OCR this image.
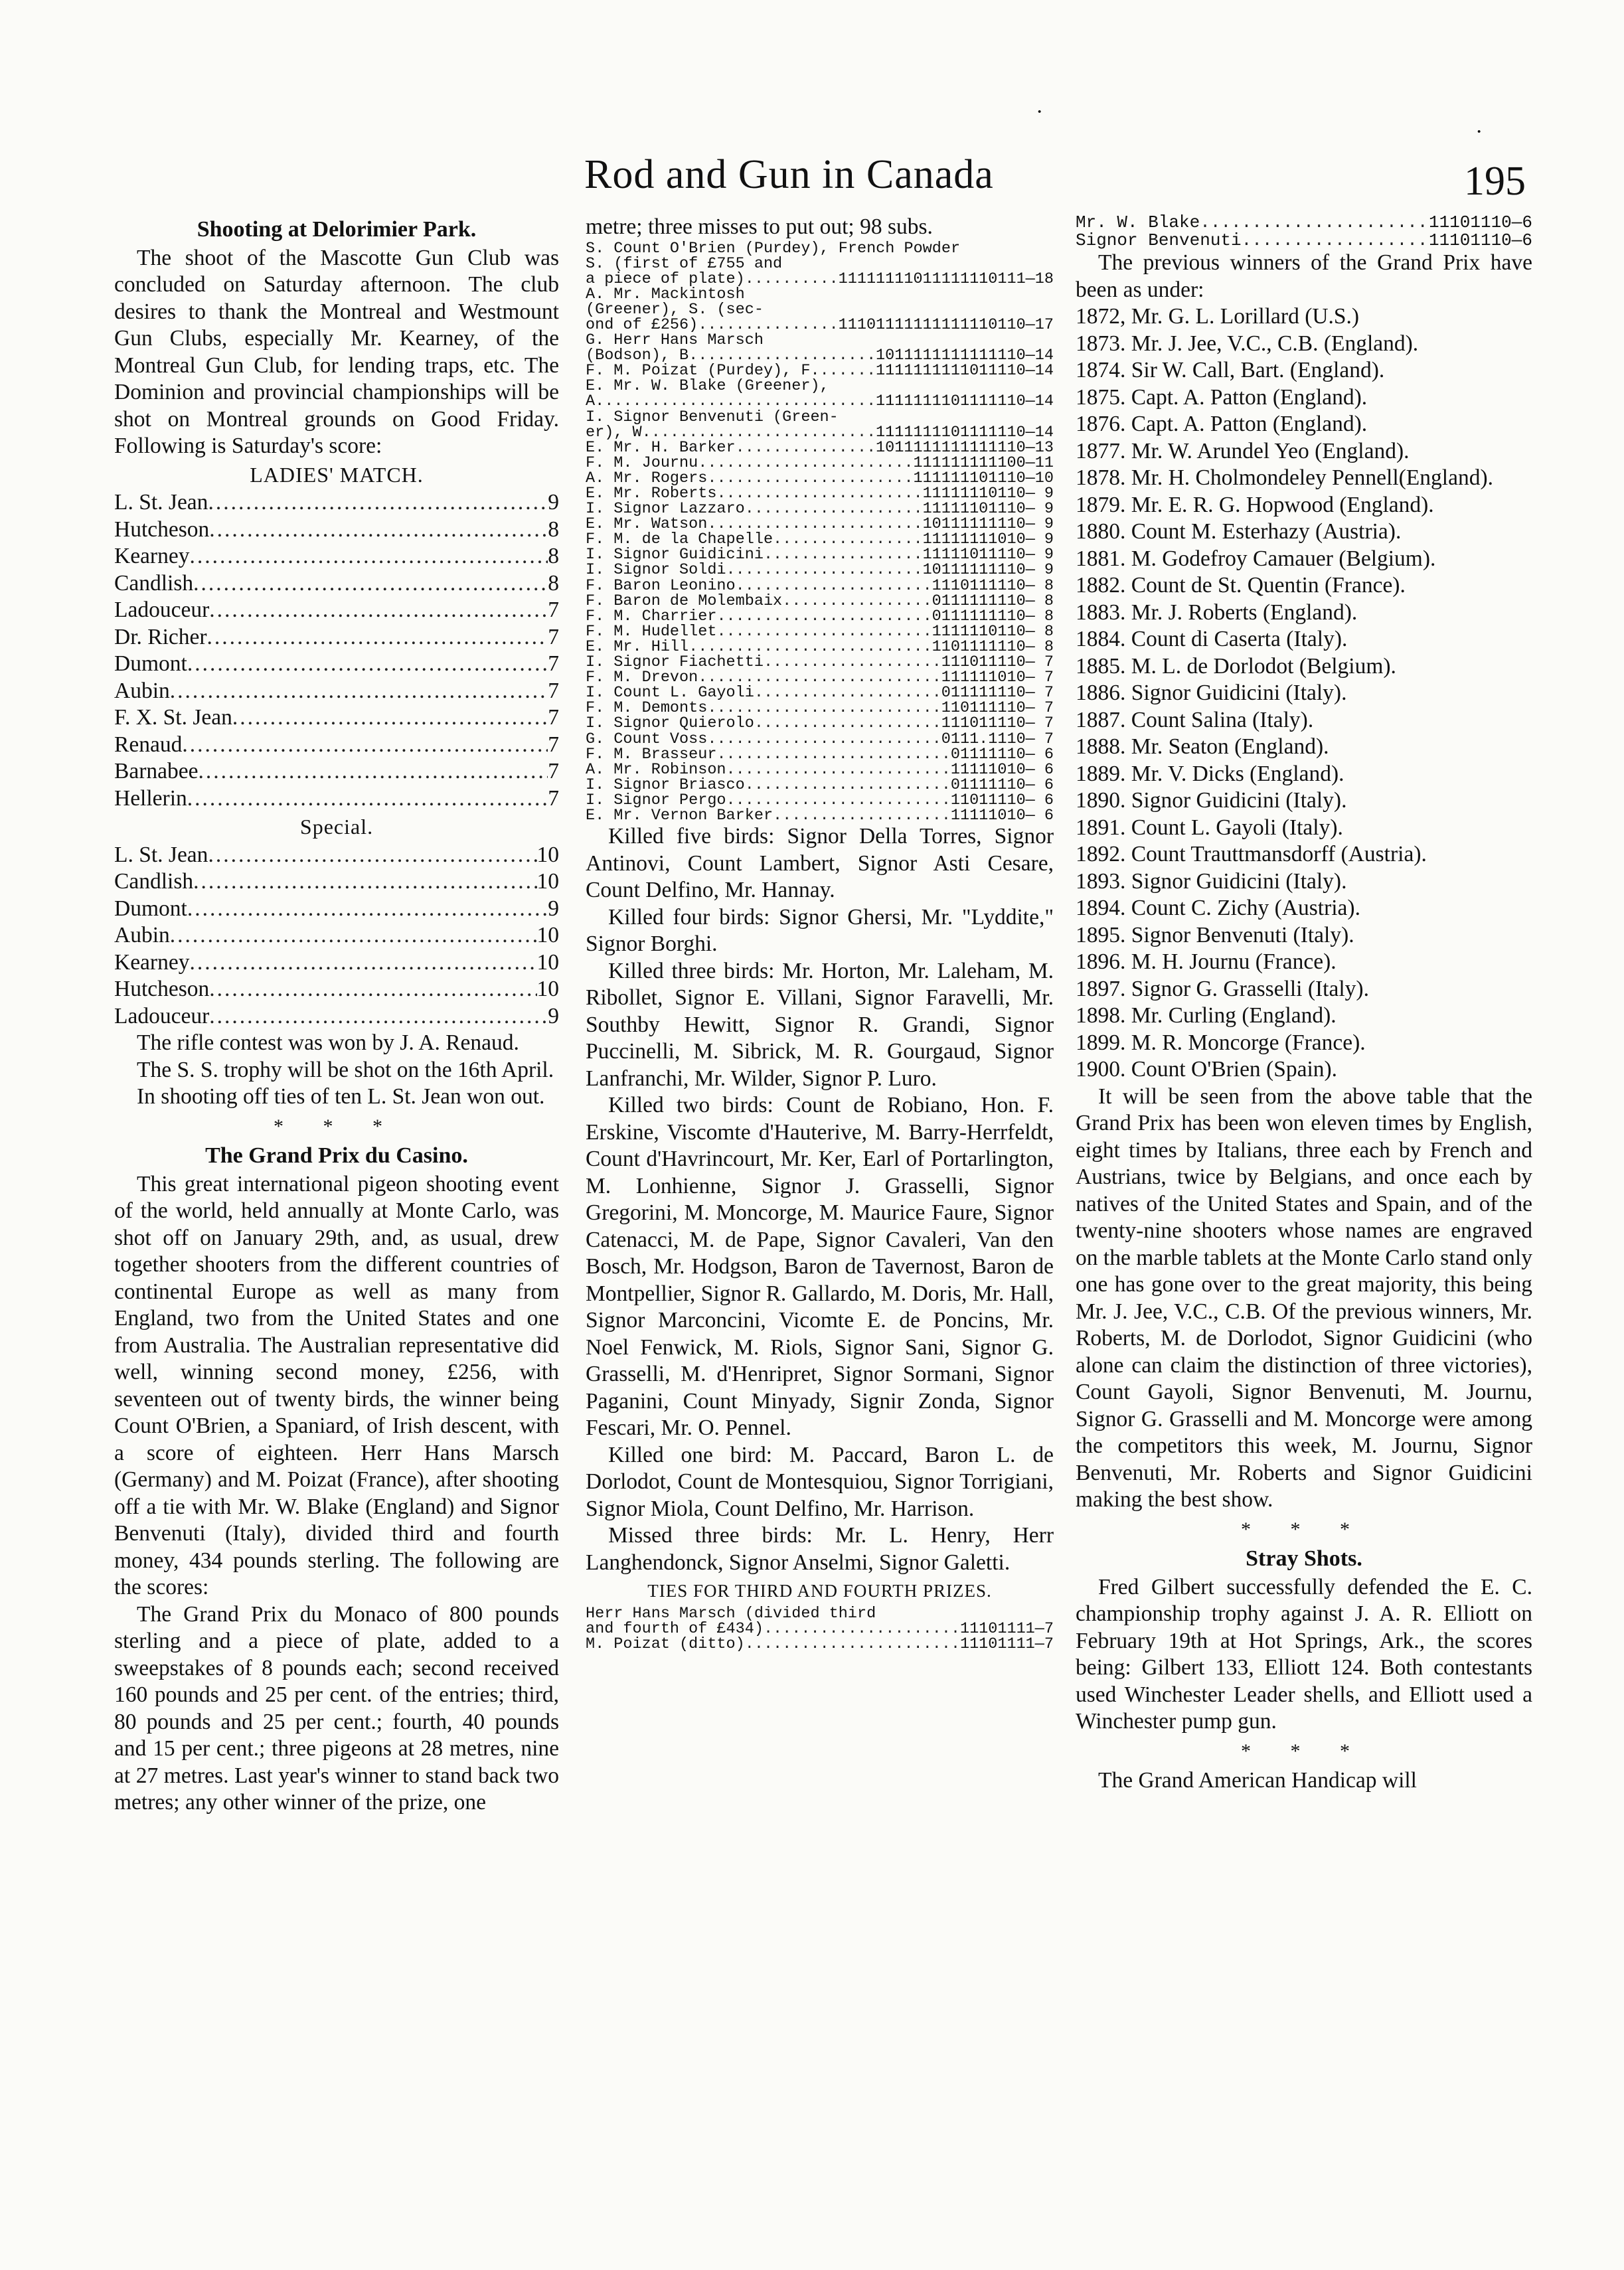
Rod and Gun in Canada	195
·
·
Shooting at Delorimier Park.

The shoot of the Mascotte Gun Club was concluded on Saturday afternoon. The club desires to thank the Montreal and Westmount Gun Clubs, especially Mr. Kearney, of the Montreal Gun Club, for lending traps, etc. The Dominion and provincial championships will be shot on Montreal grounds on Good Friday. Following is Saturday's score:

LADIES' MATCH.
L. St. Jean .....	9
Hutcheson .....	8
Kearney .....	8
Candlish .....	8
Ladouceur .....	7
Dr. Richer .....	7
Dumont .....	7
Aubin .....	7
F. X. St. Jean .....	7
Renaud .....	7
Barnabee .....	7
Hellerin .....	7
Special.
L. St. Jean .....	10
Candlish .....	10
Dumont .....	9
Aubin .....	10
Kearney .....	10
Hutcheson .....	10
Ladouceur .....	9

The rifle contest was won by J. A. Renaud.

The S. S. trophy will be shot on the 16th April.

In shooting off ties of ten L. St. Jean won out.

* * *
The Grand Prix du Casino.

This great international pigeon shooting event of the world, held annually at Monte Carlo, was shot off on January 29th, and, as usual, drew together shooters from the different countries of continental Europe as well as many from England, two from the United States and one from Australia. The Australian representative did well, winning second money, £256, with seventeen out of twenty birds, the winner being Count O'Brien, a Spaniard, of Irish descent, with a score of eighteen. Herr Hans Marsch (Germany) and M. Poizat (France), after shooting off a tie with Mr. W. Blake (England) and Signor Benvenuti (Italy), divided third and fourth money, 434 pounds sterling. The following are the scores:

The Grand Prix du Monaco of 800 pounds sterling and a piece of plate, added to a sweepstakes of 8 pounds each; second received 160 pounds and 25 per cent. of the entries; third, 80 pounds and 25 per cent.; fourth, 40 pounds and 15 per cent.; three pigeons at 28 metres, nine at 27 metres. Last year's winner to stand back two metres; any other winner of the prize, one

metre; three misses to put out; 98 subs.

S. Count O'Brien (Purdey), French Powder
S. (first of £755 and
a piece of plate) .....	11111111011111110111—18
A. Mr. Mackintosh
(Greener), S. (sec-
ond of £256) .....	11101111111111110110—17
G. Herr Hans Marsch
(Bodson), B. .....	1011111111111110—14
F. M. Poizat (Purdey), F. .....	1111111111011110—14
E. Mr. W. Blake (Greener),
A. .....	1111111101111110—14
I. Signor Benvenuti (Green-
er), W. .....	1111111101111110—14
E. Mr. H. Barker .....	1011111111111110—13
F. M. Journu .....	111111111100—11
A. Mr. Rogers .....	111111101110—10
E. Mr. Roberts .....	11111110110— 9
I. Signor Lazzaro .....	11111101110— 9
E. Mr. Watson .....	10111111110— 9
F. M. de la Chapelle .....	11111111010— 9
I. Signor Guidicini .....	11111011110— 9
I. Signor Soldi .....	10111111110— 9
F. Baron Leonino .....	1110111110— 8
F. Baron de Molembaix .....	0111111110— 8
F. M. Charrier .....	0111111110— 8
F. M. Hudellet .....	1111110110— 8
E. Mr. Hill .....	1101111110— 8
I. Signor Fiachetti .....	111011110— 7
F. M. Drevon .....	111111010— 7
I. Count L. Gayoli .....	011111110— 7
F. M. Demonts .....	110111110— 7
I. Signor Quierolo .....	111011110— 7
G. Count Voss .....	0111.1110— 7
F. M. Brasseur .....	01111110— 6
A. Mr. Robinson .....	11111010— 6
I. Signor Briasco .....	01111110— 6
I. Signor Pergo .....	11011110— 6
E. Mr. Vernon Barker .....	11111010— 6

Killed five birds: Signor Della Torres, Signor Antinovi, Count Lambert, Signor Asti Cesare, Count Delfino, Mr. Hannay.

Killed four birds: Signor Ghersi, Mr. "Lyddite," Signor Borghi.

Killed three birds: Mr. Horton, Mr. Laleham, M. Ribollet, Signor E. Villani, Signor Faravelli, Mr. Southby Hewitt, Signor R. Grandi, Signor Puccinelli, M. Sibrick, M. R. Gourgaud, Signor Lanfranchi, Mr. Wilder, Signor P. Luro.

Killed two birds: Count de Robiano, Hon. F. Erskine, Viscomte d'Hauterive, M. Barry-Herrfeldt, Count d'Havrincourt, Mr. Ker, Earl of Portarlington, M. Lonhienne, Signor J. Grasselli, Signor Gregorini, M. Moncorge, M. Maurice Faure, Signor Catenacci, M. de Pape, Signor Cavaleri, Van den Bosch, Mr. Hodgson, Baron de Tavernost, Baron de Montpellier, Signor R. Gallardo, M. Doris, Mr. Hall, Signor Marconcini, Vicomte E. de Poncins, Mr. Noel Fenwick, M. Riols, Signor Sani, Signor G. Grasselli, M. d'Henripret, Signor Sormani, Signor Paganini, Count Minyady, Signir Zonda, Signor Fescari, Mr. O. Pennel.

Killed one bird: M. Paccard, Baron L. de Dorlodot, Count de Montesquiou, Signor Torrigiani, Signor Miola, Count Delfino, Mr. Harrison.

Missed three birds: Mr. L. Henry, Herr Langhendonck, Signor Anselmi, Signor Galetti.

TIES FOR THIRD AND FOURTH PRIZES.
Herr Hans Marsch (divided third
and fourth of £434) .....	11101111—7
M. Poizat (ditto) .....	11101111—7
Mr. W. Blake .....	11101110—6
Signor Benvenuti .....	11101110—6

The previous winners of the Grand Prix have been as under:

1872, Mr. G. L. Lorillard (U.S.)

1873. Mr. J. Jee, V.C., C.B. (England).

1874. Sir W. Call, Bart. (England).

1875. Capt. A. Patton (England).

1876. Capt. A. Patton (England).

1877. Mr. W. Arundel Yeo (England).

1878. Mr. H. Cholmondeley Pennell(England).

1879. Mr. E. R. G. Hopwood (England).

1880. Count M. Esterhazy (Austria).

1881. M. Godefroy Camauer (Belgium).

1882. Count de St. Quentin (France).

1883. Mr. J. Roberts (England).

1884. Count di Caserta (Italy).

1885. M. L. de Dorlodot (Belgium).

1886. Signor Guidicini (Italy).

1887. Count Salina (Italy).

1888. Mr. Seaton (England).

1889. Mr. V. Dicks (England).

1890. Signor Guidicini (Italy).

1891. Count L. Gayoli (Italy).

1892. Count Trauttmansdorff (Austria).

1893. Signor Guidicini (Italy).

1894. Count C. Zichy (Austria).

1895. Signor Benvenuti (Italy).

1896. M. H. Journu (France).

1897. Signor G. Grasselli (Italy).

1898. Mr. Curling (England).

1899. M. R. Moncorge (France).

1900. Count O'Brien (Spain).

It will be seen from the above table that the Grand Prix has been won eleven times by English, eight times by Italians, three each by French and Austrians, twice by Belgians, and once each by natives of the United States and Spain, and of the twenty-nine shooters whose names are engraved on the marble tablets at the Monte Carlo stand only one has gone over to the great majority, this being Mr. J. Jee, V.C., C.B. Of the previous winners, Mr. Roberts, M. de Dorlodot, Signor Guidicini (who alone can claim the distinction of three victories), Count Gayoli, Signor Benvenuti, M. Journu, Signor G. Grasselli and M. Moncorge were among the competitors this week, M. Journu, Signor Benvenuti, Mr. Roberts and Signor Guidicini making the best show.

* * *
Stray Shots.

Fred Gilbert successfully defended the E. C. championship trophy against J. A. R. Elliott on February 19th at Hot Springs, Ark., the scores being: Gilbert 133, Elliott 124. Both contestants used Winchester Leader shells, and Elliott used a Winchester pump gun.

* * *

The Grand American Handicap will
